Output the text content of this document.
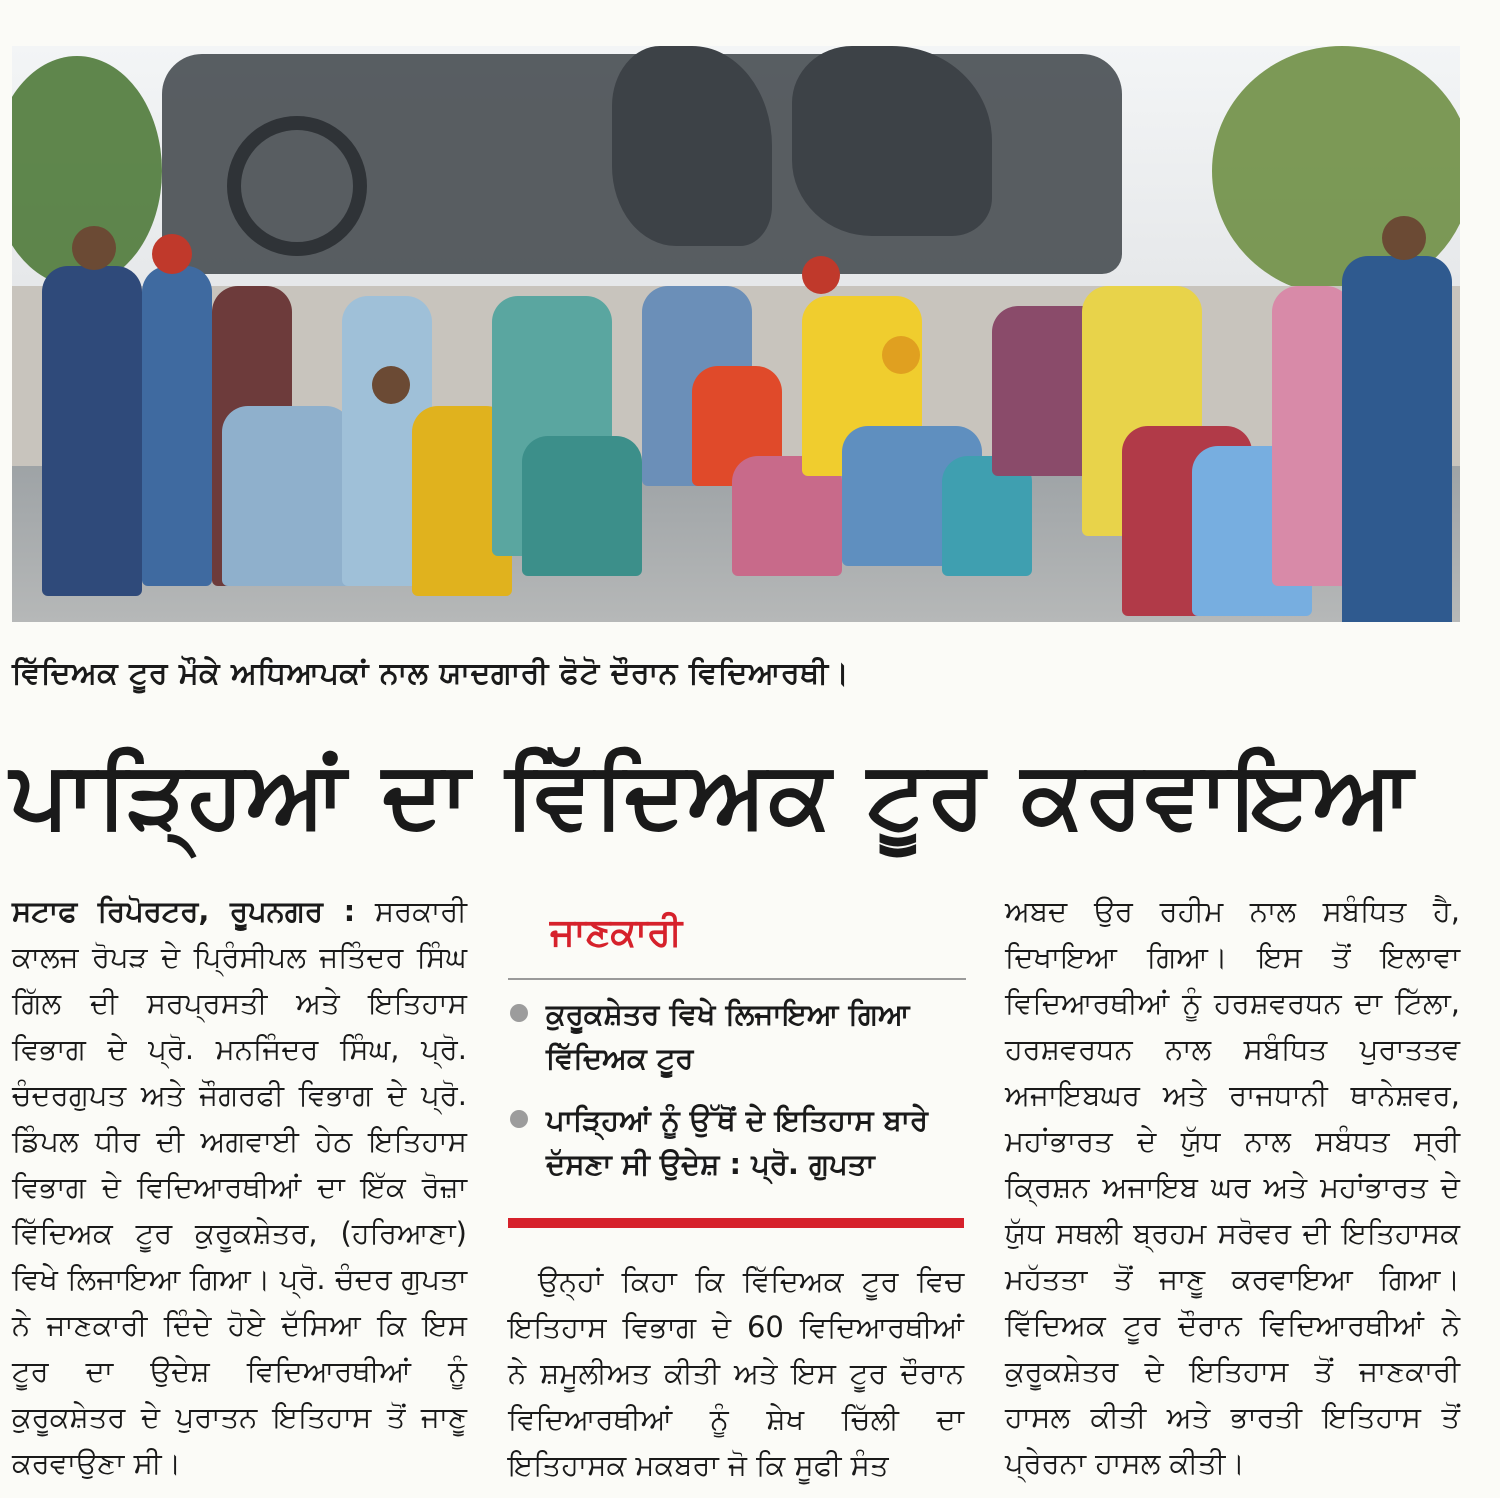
ਵਿੱਦਿਅਕ ਟੂਰ ਮੌਕੇ ਅਧਿਆਪਕਾਂ ਨਾਲ ਯਾਦਗਾਰੀ ਫੋਟੋ ਦੌਰਾਨ ਵਿਦਿਆਰਥੀ।
ਪਾੜ੍ਹਿਆਂ ਦਾ ਵਿੱਦਿਅਕ ਟੂਰ ਕਰਵਾਇਆ

ਸਟਾਫ ਰਿਪੋਰਟਰ, ਰੂਪਨਗਰ : ਸਰਕਾਰੀ ਕਾਲਜ ਰੋਪੜ ਦੇ ਪ੍ਰਿੰਸੀਪਲ ਜਤਿੰਦਰ ਸਿੰਘ ਗਿੱਲ ਦੀ ਸਰਪ੍ਰਸਤੀ ਅਤੇ ਇਤਿਹਾਸ ਵਿਭਾਗ ਦੇ ਪ੍ਰੋ. ਮਨਜਿੰਦਰ ਸਿੰਘ, ਪ੍ਰੋ. ਚੰਦਰਗੁਪਤ ਅਤੇ ਜੌਗਰਫੀ ਵਿਭਾਗ ਦੇ ਪ੍ਰੋ. ਡਿੰਪਲ ਧੀਰ ਦੀ ਅਗਵਾਈ ਹੇਠ ਇਤਿਹਾਸ ਵਿਭਾਗ ਦੇ ਵਿਦਿਆਰਥੀਆਂ ਦਾ ਇੱਕ ਰੋਜ਼ਾ ਵਿੱਦਿਅਕ ਟੂਰ ਕੁਰੂਕਸ਼ੇਤਰ, (ਹਰਿਆਣਾ) ਵਿਖੇ ਲਿਜਾਇਆ ਗਿਆ। ਪ੍ਰੋ. ਚੰਦਰ ਗੁਪਤਾ ਨੇ ਜਾਣਕਾਰੀ ਦਿੰਦੇ ਹੋਏ ਦੱਸਿਆ ਕਿ ਇਸ ਟੂਰ ਦਾ ਉਦੇਸ਼ ਵਿਦਿਆਰਥੀਆਂ ਨੂੰ ਕੁਰੂਕਸ਼ੇਤਰ ਦੇ ਪੁਰਾਤਨ ਇਤਿਹਾਸ ਤੋਂ ਜਾਣੂ ਕਰਵਾਉਣਾ ਸੀ।

ਜਾਣਕਾਰੀ
ਕੁਰੂਕਸ਼ੇਤਰ ਵਿਖੇ ਲਿਜਾਇਆ ਗਿਆ ਵਿੱਦਿਅਕ ਟੂਰ
ਪਾੜ੍ਹਿਆਂ ਨੂੰ ਉੱਥੋਂ ਦੇ ਇਤਿਹਾਸ ਬਾਰੇ ਦੱਸਣਾ ਸੀ ਉਦੇਸ਼ : ਪ੍ਰੋ. ਗੁਪਤਾ

ਉਨ੍ਹਾਂ ਕਿਹਾ ਕਿ ਵਿੱਦਿਅਕ ਟੂਰ ਵਿਚ ਇਤਿਹਾਸ ਵਿਭਾਗ ਦੇ 60 ਵਿਦਿਆਰਥੀਆਂ ਨੇ ਸ਼ਮੂਲੀਅਤ ਕੀਤੀ ਅਤੇ ਇਸ ਟੂਰ ਦੌਰਾਨ ਵਿਦਿਆਰਥੀਆਂ ਨੂੰ ਸ਼ੇਖ ਚਿੱਲੀ ਦਾ ਇਤਿਹਾਸਕ ਮਕਬਰਾ ਜੋ ਕਿ ਸੂਫੀ ਸੰਤ

ਅਬਦ ਉਰ ਰਹੀਮ ਨਾਲ ਸਬੰਧਿਤ ਹੈ, ਦਿਖਾਇਆ ਗਿਆ। ਇਸ ਤੋਂ ਇਲਾਵਾ ਵਿਦਿਆਰਥੀਆਂ ਨੂੰ ਹਰਸ਼ਵਰਧਨ ਦਾ ਟਿੱਲਾ, ਹਰਸ਼ਵਰਧਨ ਨਾਲ ਸਬੰਧਿਤ ਪੁਰਾਤਤਵ ਅਜਾਇਬਘਰ ਅਤੇ ਰਾਜਧਾਨੀ ਥਾਨੇਸ਼ਵਰ, ਮਹਾਂਭਾਰਤ ਦੇ ਯੁੱਧ ਨਾਲ ਸਬੰਧਤ ਸ੍ਰੀ ਕ੍ਰਿਸ਼ਨ ਅਜਾਇਬ ਘਰ ਅਤੇ ਮਹਾਂਭਾਰਤ ਦੇ ਯੁੱਧ ਸਥਲੀ ਬ੍ਰਹਮ ਸਰੋਵਰ ਦੀ ਇਤਿਹਾਸਕ ਮਹੱਤਤਾ ਤੋਂ ਜਾਣੂ ਕਰਵਾਇਆ ਗਿਆ। ਵਿੱਦਿਅਕ ਟੂਰ ਦੌਰਾਨ ਵਿਦਿਆਰਥੀਆਂ ਨੇ ਕੁਰੂਕਸ਼ੇਤਰ ਦੇ ਇਤਿਹਾਸ ਤੋਂ ਜਾਣਕਾਰੀ ਹਾਸਲ ਕੀਤੀ ਅਤੇ ਭਾਰਤੀ ਇਤਿਹਾਸ ਤੋਂ ਪ੍ਰੇਰਨਾ ਹਾਸਲ ਕੀਤੀ।
